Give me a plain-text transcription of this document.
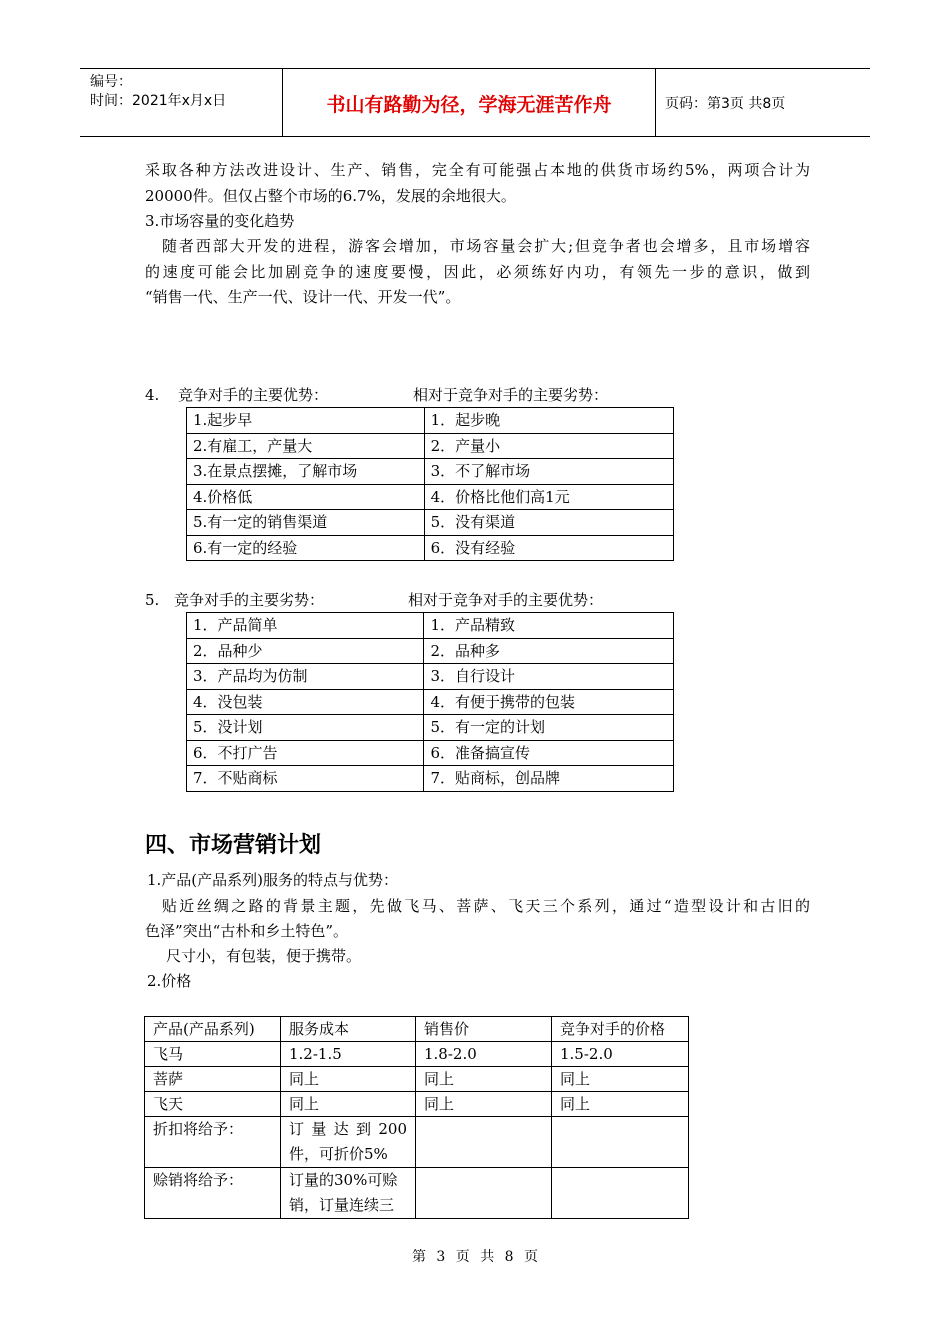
编号：
时间：2021年x月x日	书山有路勤为径，学海无涯苦作舟	页码：第3页 共8页
采取各种方法改进设计、生产、销售，完全有可能强占本地的供货市场约5%，两项合计为
20000件。但仅占整个市场的6.7%，发展的余地很大。
3.市场容量的变化趋势
随者西部大开发的进程，游客会增加，市场容量会扩大;但竞争者也会增多，且市场增容
的速度可能会比加剧竞争的速度要慢，因此，必须练好内功，有领先一步的意识，做到
“销售一代、生产一代、设计一代、开发一代”。
4.	竞争对手的主要优势：	相对于竞争对手的主要劣势：
1.起步早	1．起步晚
2.有雇工，产量大	2．产量小
3.在景点摆摊，了解市场	3．不了解市场
4.价格低	4．价格比他们高1元
5.有一定的销售渠道	5．没有渠道
6.有一定的经验	6．没有经验
5. 竞争对手的主要劣势：	相对于竞争对手的主要优势：
1．产品简单	1．产品精致
2．品种少	2．品种多
3．产品均为仿制	3．自行设计
4．没包装	4．有便于携带的包装
5．没计划	5．有一定的计划
6．不打广告	6．准备搞宣传
7．不贴商标	7．贴商标，创品牌
四、市场营销计划
1.产品(产品系列)服务的特点与优势：
贴近丝绸之路的背景主题，先做飞马、菩萨、飞天三个系列，通过“造型设计和古旧的
色泽”突出“古朴和乡土特色”。
尺寸小，有包装，便于携带。
2.价格
产品(产品系列)	服务成本	销售价	竞争对手的价格
飞马	1.2-1.5	1.8-2.0	1.5-2.0
菩萨	同上	同上	同上
飞天	同上	同上	同上
折扣将给予：	订量达到200
件，可折价5%		

赊销将给予：	订量的30%可赊
销，订量连续三		

第 3 页 共 8 页
